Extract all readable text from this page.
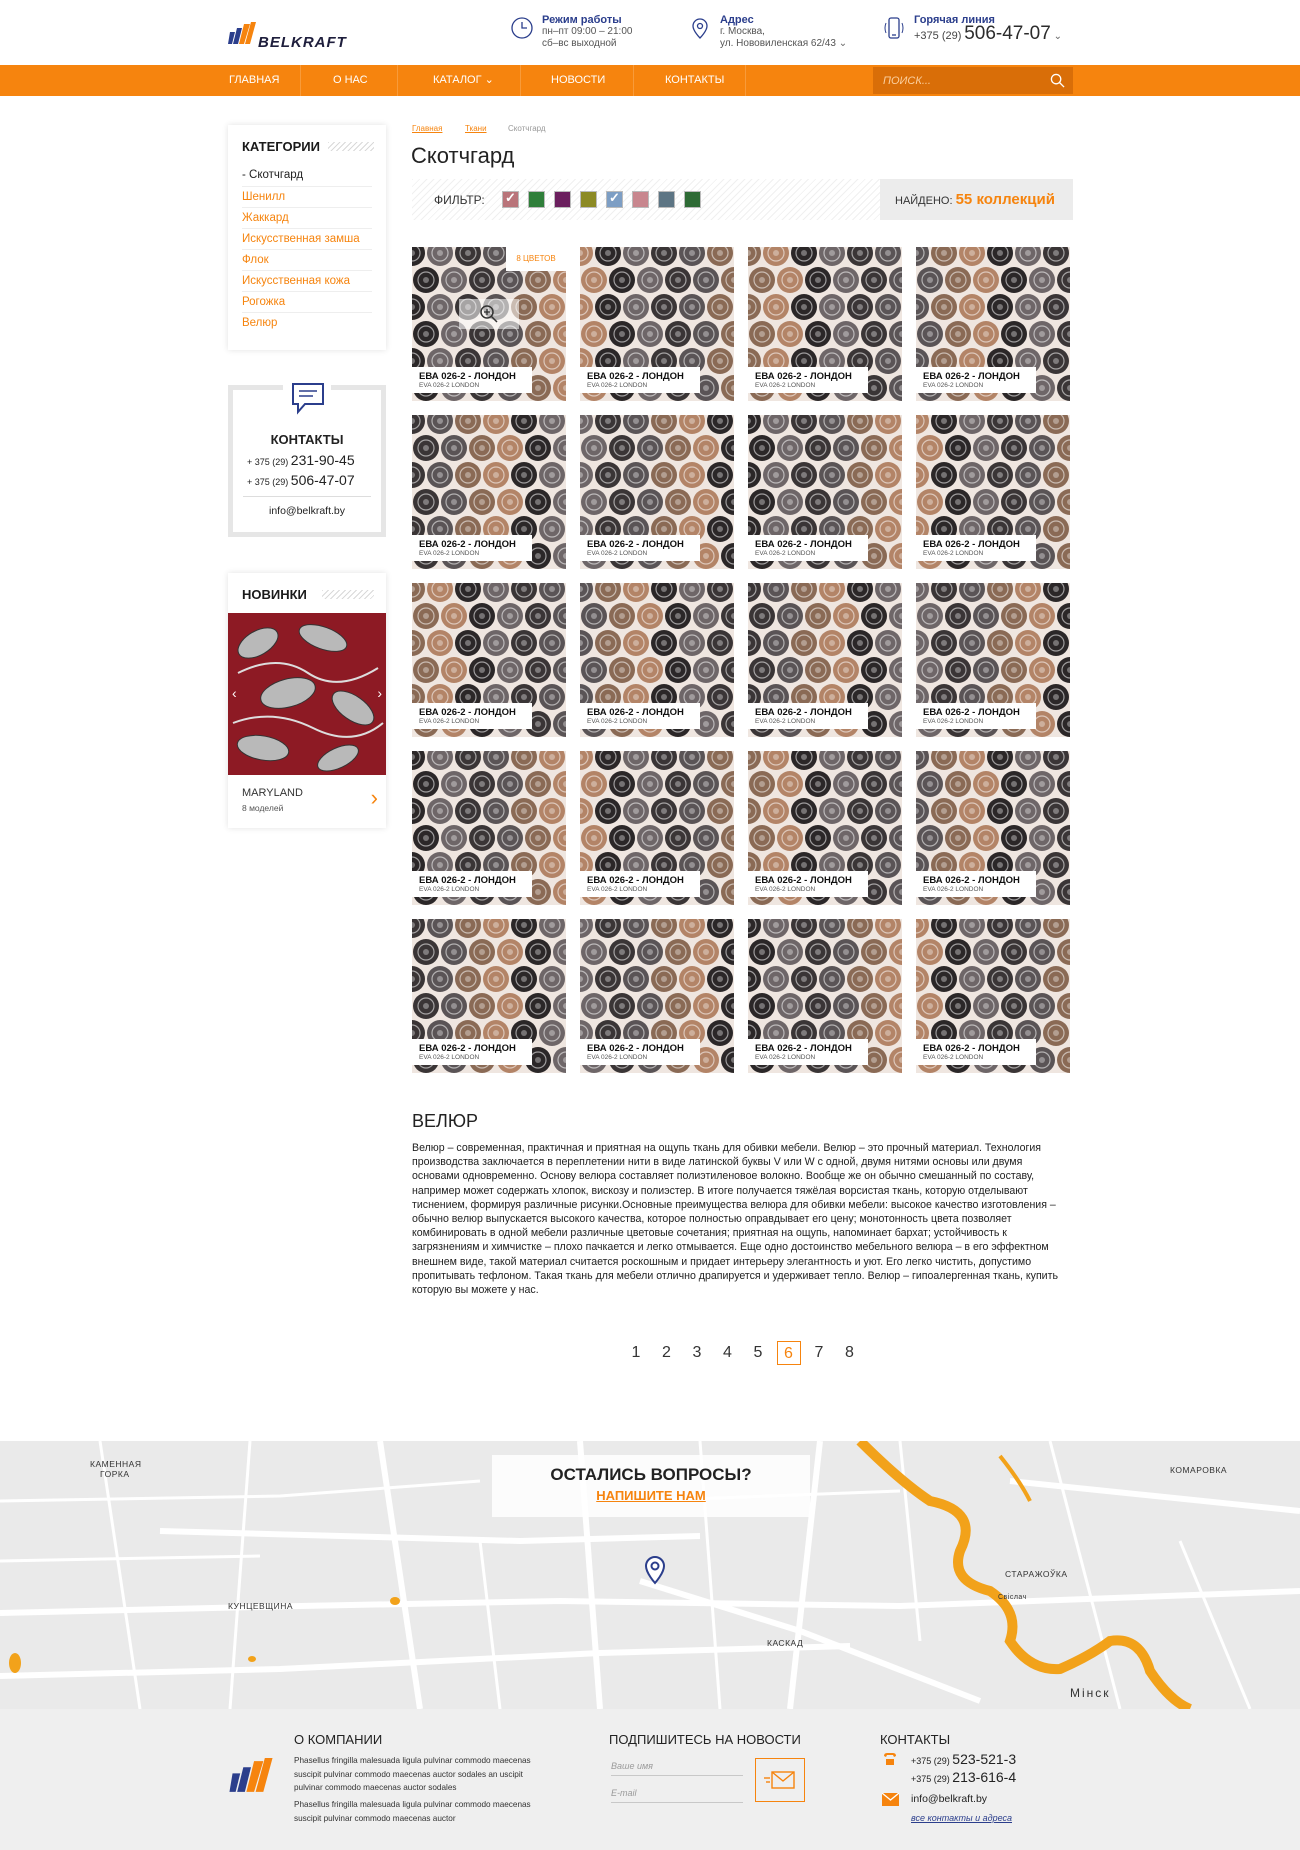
BELKRAFT
Режим работы
пн–пт 09:00 – 21:00
сб–вс выходной
Адрес
г. Москва,
ул. Нововиленская 62/43 ⌄
Горячая линия
+375 (29) 506-47-07 ⌄
ГЛАВНАЯ	О НАС	КАТАЛОГ ⌄	НОВОСТИ	КОНТАКТЫ
ПОИСК...
КАТЕГОРИИ
- Скотчгард
Шенилл
Жаккард
Искусственная замша
Флок
Искусственная кожа
Рогожка
Велюр
КОНТАКТЫ
+ 375 (29) 231-90-45
+ 375 (29) 506-47-07
info@belkraft.by
НОВИНКИ
‹	›
MARYLAND
8 моделей	›
Главная	Ткани	Скотчгард
Скотчгард
ФИЛЬТР: ✓ ✓	НАЙДЕНО: 55 коллекций
8 ЦВЕТОВ
ЕВА 026-2 - ЛОНДОН
EVA 026-2 LONDON
ЕВА 026-2 - ЛОНДОН
EVA 026-2 LONDON
ЕВА 026-2 - ЛОНДОН
EVA 026-2 LONDON
ЕВА 026-2 - ЛОНДОН
EVA 026-2 LONDON
ЕВА 026-2 - ЛОНДОН
EVA 026-2 LONDON
ЕВА 026-2 - ЛОНДОН
EVA 026-2 LONDON
ЕВА 026-2 - ЛОНДОН
EVA 026-2 LONDON
ЕВА 026-2 - ЛОНДОН
EVA 026-2 LONDON
ЕВА 026-2 - ЛОНДОН
EVA 026-2 LONDON
ЕВА 026-2 - ЛОНДОН
EVA 026-2 LONDON
ЕВА 026-2 - ЛОНДОН
EVA 026-2 LONDON
ЕВА 026-2 - ЛОНДОН
EVA 026-2 LONDON
ЕВА 026-2 - ЛОНДОН
EVA 026-2 LONDON
ЕВА 026-2 - ЛОНДОН
EVA 026-2 LONDON
ЕВА 026-2 - ЛОНДОН
EVA 026-2 LONDON
ЕВА 026-2 - ЛОНДОН
EVA 026-2 LONDON
ЕВА 026-2 - ЛОНДОН
EVA 026-2 LONDON
ЕВА 026-2 - ЛОНДОН
EVA 026-2 LONDON
ЕВА 026-2 - ЛОНДОН
EVA 026-2 LONDON
ЕВА 026-2 - ЛОНДОН
EVA 026-2 LONDON
ВЕЛЮР
Велюр – современная, практичная и приятная на ощупь ткань для обивки мебели. Велюр – это прочный материал. Технология производства заключается в переплетении нити в виде латинской буквы V или W с одной, двумя нитями основы или двумя основами одновременно. Основу велюра составляет полиэтиленовое волокно. Вообще же он обычно смешанный по составу, например может содержать хлопок, вискозу и полиэстер. В итоге получается тяжёлая ворсистая ткань, которую отделывают тиснением, формируя различные рисунки.Основные преимущества велюра для обивки мебели: высокое качество изготовления – обычно велюр выпускается высокого качества, которое полностью оправдывает его цену; монотонность цвета позволяет комбинировать в одной мебели различные цветовые сочетания; приятная на ощупь, напоминает бархат; устойчивость к загрязнениям и химчистке – плохо пачкается и легко отмывается. Еще одно достоинство мебельного велюра – в его эффектном внешнем виде, такой материал считается роскошным и придает интерьеру элегантность и уют. Его легко чистить, допустимо пропитывать тефлоном. Такая ткань для мебели отлично драпируется и удерживает тепло. Велюр – гипоалергенная ткань, купить которую вы можете у нас.
1	2	3	4	5	6	7	8
КАМЕННАЯ
ГОРКА
КУНЦЕВЩИНА
КАСКАД
КОМАРОВКА
СТАРАЖОЎКА
Мінск
Свіслач
ОСТАЛИСЬ ВОПРОСЫ?
НАПИШИТЕ НАМ
О КОМПАНИИ
Phasellus fringilla malesuada ligula pulvinar commodo maecenas suscipit pulvinar commodo maecenas auctor sodales an uscipit pulvinar commodo maecenas auctor sodales
Phasellus fringilla malesuada ligula pulvinar commodo maecenas suscipit pulvinar commodo maecenas auctor
ПОДПИШИТЕСЬ НА НОВОСТИ
Ваше имя
E-mail	КОНТАКТЫ
+375 (29) 523-521-3
+375 (29) 213-616-4
info@belkraft.by
все контакты и адреса
